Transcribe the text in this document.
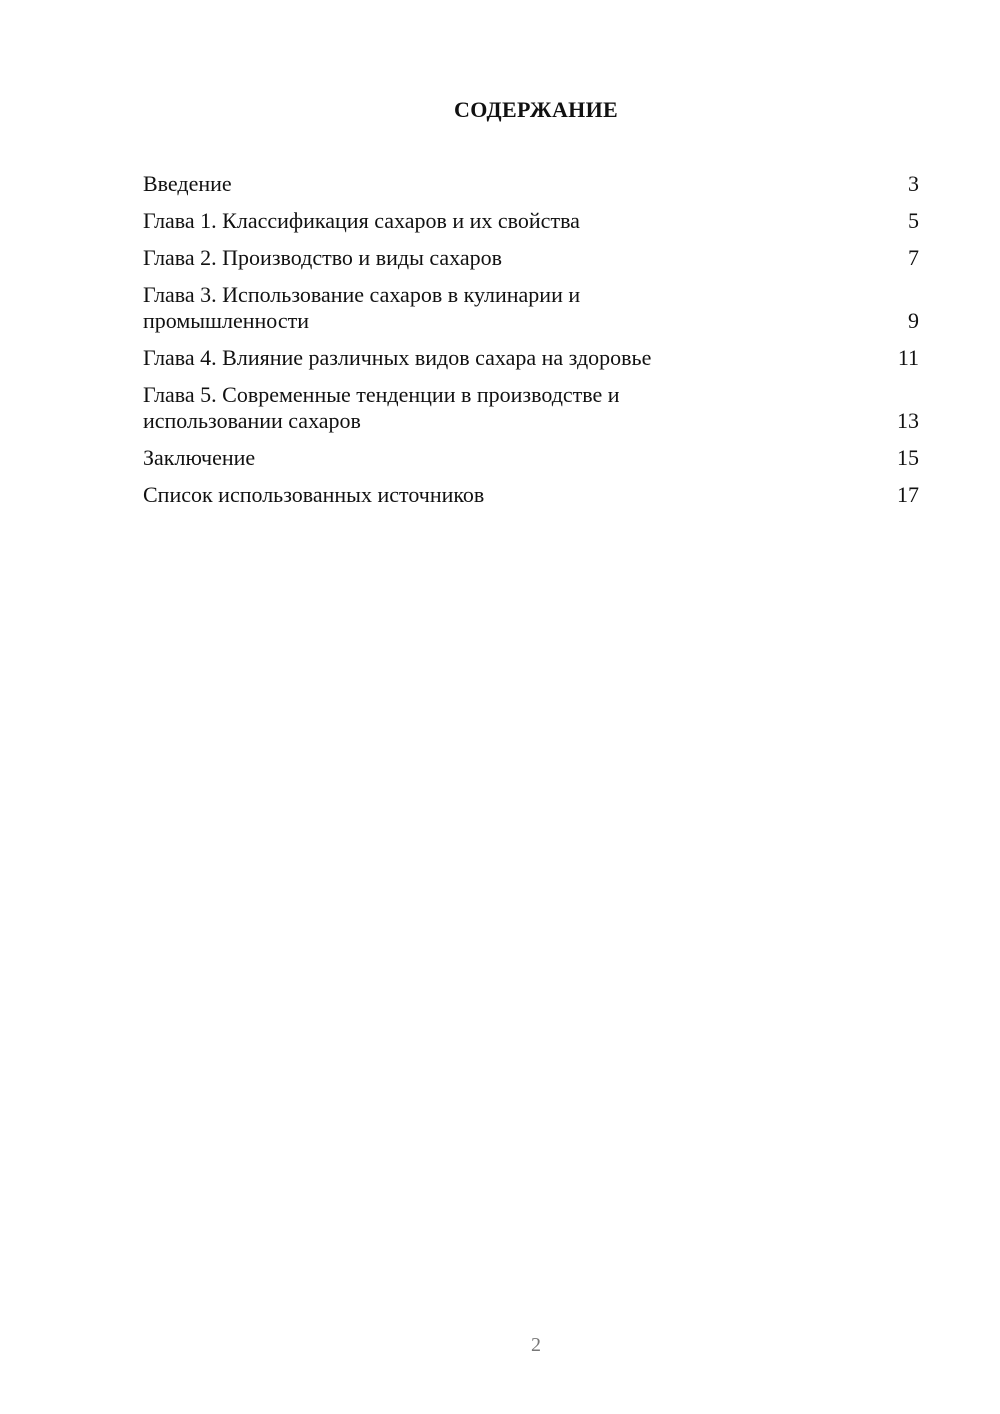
СОДЕРЖАНИЕ
Введение	3
Глава 1. Классификация сахаров и их свойства	5
Глава 2. Производство и виды сахаров	7
Глава 3. Использование сахаров в кулинарии и
промышленности	9
Глава 4. Влияние различных видов сахара на здоровье	11
Глава 5. Современные тенденции в производстве и
использовании сахаров	13
Заключение	15
Список использованных источников	17
2
